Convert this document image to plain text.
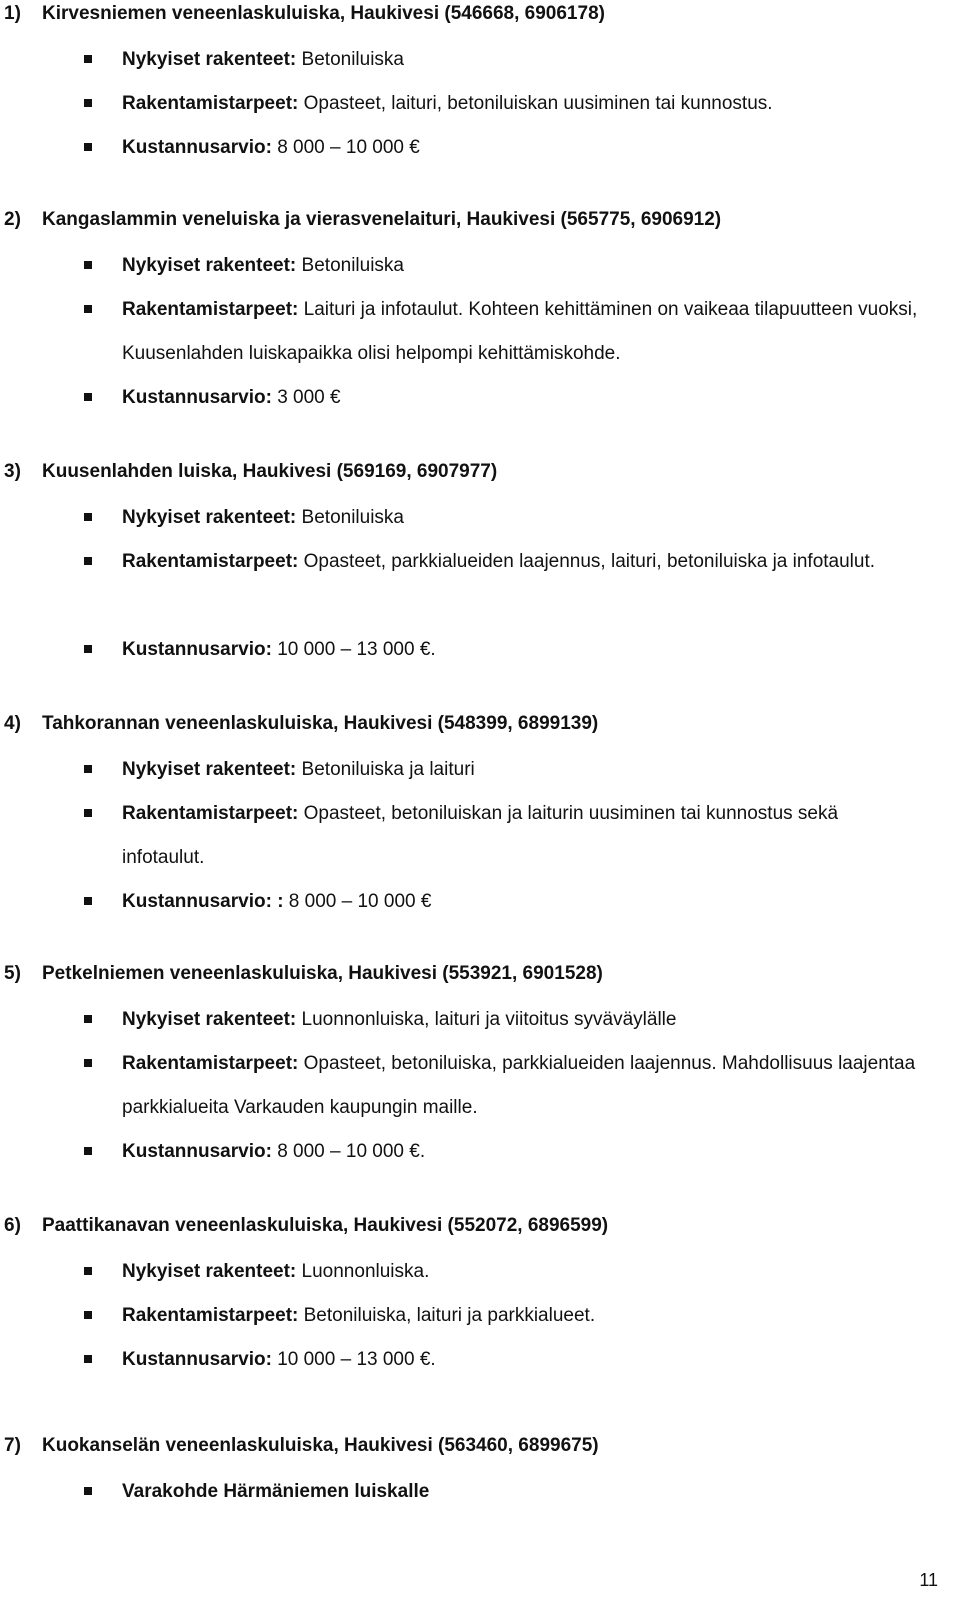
1) Kirvesniemen veneenlaskuluiska, Haukivesi (546668, 6906178)
Nykyiset rakenteet: Betoniluiska
Rakentamistarpeet: Opasteet, laituri, betoniluiskan uusiminen tai kunnostus.
Kustannusarvio: 8 000 – 10 000 €
2) Kangaslammin veneluiska ja vierasvenelaituri, Haukivesi (565775, 6906912)
Nykyiset rakenteet: Betoniluiska
Rakentamistarpeet: Laituri ja infotaulut. Kohteen kehittäminen on vaikeaa tilapuutteen vuoksi, Kuusenlahden luiskapaikka olisi helpompi kehittämiskohde.
Kustannusarvio: 3 000 €
3) Kuusenlahden luiska, Haukivesi (569169, 6907977)
Nykyiset rakenteet: Betoniluiska
Rakentamistarpeet: Opasteet, parkkialueiden laajennus, laituri, betoniluiska ja infotaulut.
Kustannusarvio: 10 000 – 13 000 €.
4) Tahkorannan veneenlaskuluiska, Haukivesi (548399, 6899139)
Nykyiset rakenteet: Betoniluiska ja laituri
Rakentamistarpeet: Opasteet, betoniluiskan ja laiturin uusiminen tai kunnostus sekä infotaulut.
Kustannusarvio: : 8 000 – 10 000 €
5) Petkelniemen veneenlaskuluiska, Haukivesi (553921, 6901528)
Nykyiset rakenteet: Luonnonluiska, laituri ja viitoitus syväväylälle
Rakentamistarpeet: Opasteet, betoniluiska, parkkialueiden laajennus. Mahdollisuus laajentaa parkkialueita Varkauden kaupungin maille.
Kustannusarvio: 8 000 – 10 000 €.
6) Paattikanavan veneenlaskuluiska, Haukivesi (552072, 6896599)
Nykyiset rakenteet: Luonnonluiska.
Rakentamistarpeet: Betoniluiska, laituri ja parkkialueet.
Kustannusarvio: 10 000 – 13 000 €.
7) Kuokanselän veneenlaskuluiska, Haukivesi (563460, 6899675)
Varakohde Härmäniemen luiskalle
11
